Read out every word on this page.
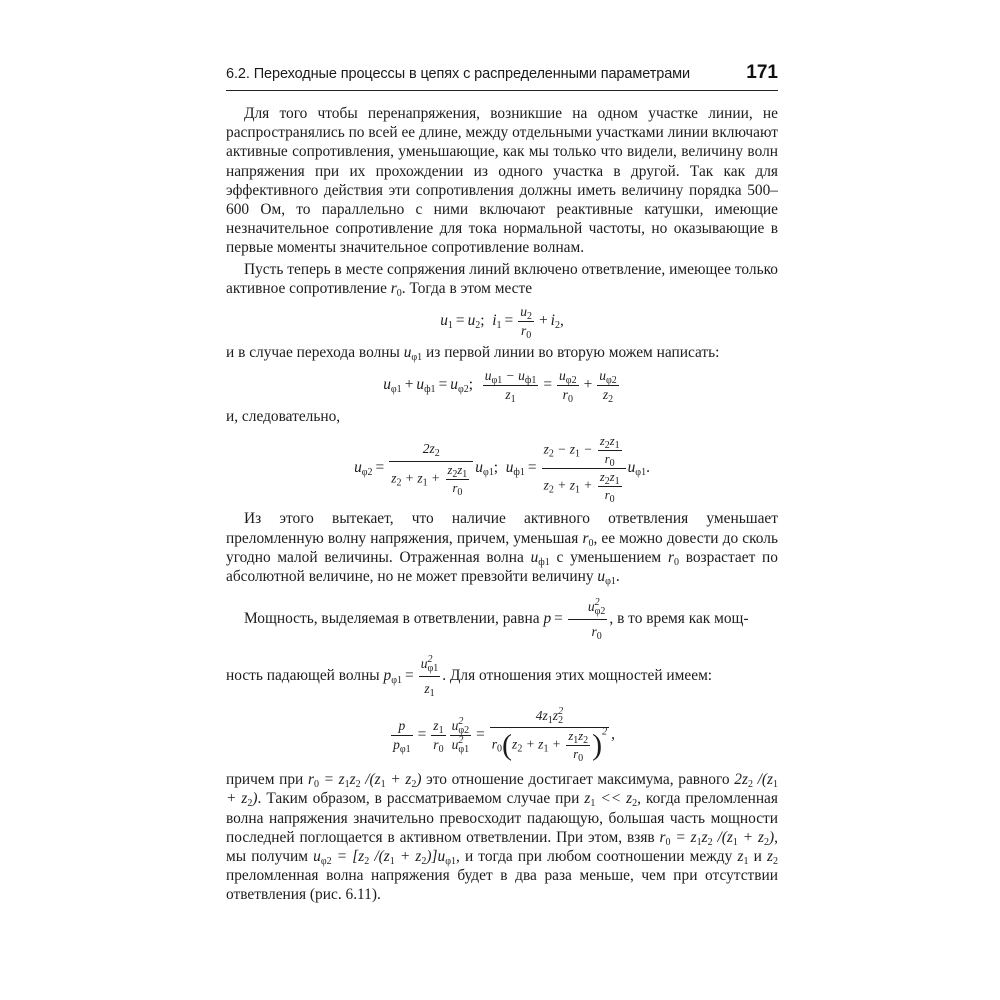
6.2. Переходные процессы в цепях с распределенными параметрами	171

Для того чтобы перенапряжения, возникшие на одном участке линии, не распространялись по всей ее длине, между отдельными участками линии включают активные сопротивления, уменьшающие, как мы только что видели, величину волн напряжения при их прохождении из одного участка в другой. Так как для эффективного действия эти сопротивления должны иметь величину порядка 500–600 Ом, то параллельно с ними включают реактивные катушки, имеющие незначительное сопротивление для тока нормальной частоты, но оказывающие в первые моменты значительное сопротивление волнам.

Пусть теперь в месте сопряжения линий включено ответвление, имеющее только активное сопротивление $r_0$. Тогда в этом месте

$u_1 = u_2$;  $i_1 = \frac{u_2}{r_0} + i_2$,

и в случае перехода волны $u_{\varphi 1}$ из первой линии во вторую можем написать:

$u_{\varphi 1} + u_{ф1} = u_{\varphi 2}$; $\frac{u_{\varphi 1} - u_{ф1}}{z_1} = \frac{u_{\varphi 2}}{r_0} + \frac{u_{\varphi 2}}{z_2}$

и, следовательно,

$u_{\varphi 2} = \frac{2z_2}{z_2 + z_1 + \frac{z_2z_1}{r_0}} u_{\varphi 1}$;  $u_{ф1} = \frac{z_2 - z_1 - \frac{z_2z_1}{r_0}}{z_2 + z_1 + \frac{z_2z_1}{r_0}} u_{\varphi 1}$.

Из этого вытекает, что наличие активного ответвления уменьшает преломленную волну напряжения, причем, уменьшая $r_0$, ее можно довести до сколь угодно малой величины. Отраженная волна $u_{ф1}$ с уменьшением $r_0$ возрастает по абсолютной величине, но не может превзойти величину $u_{\varphi 1}$.

Мощность, выделяемая в ответвлении, равна $p = \frac{u^2_{\varphi 2}}{r_0}$ , в то время как мощ-

ность падающей волны $p_{\varphi 1} = \frac{u^2_{\varphi 1}}{z_1}$ . Для отношения этих мощностей имеем:

$\frac{p}{p_{\varphi 1}} = \frac{z_1}{r_0} \frac{u^2_{\varphi 2}}{u^2_{\varphi 1}} = \frac{4z_1z^2_2}{r_0(z_2 + z_1 + \frac{z_1z_2}{r_0} )^2}$ ,

причем при $r_0 = z_1z_2$ $/(z_1 + z_2)$ это отношение достигает максимума, равного $2z_2$ $/(z_1 + z_2)$. Таким образом, в рассматриваемом случае при $z_1 << z_2$, когда преломленная волна напряжения значительно превосходит падающую, большая часть мощности последней поглощается в активном ответвлении. При этом, взяв $r_0 = z_1z_2$ $/(z_1 + z_2)$, мы получим $u_{\varphi 2} = [z_2$ $/(z_1 + z_2)]u_{\varphi 1}$, и тогда при любом соотношении между $z_1$ и $z_2$ преломленная волна напряжения будет в два раза меньше, чем при отсутствии ответвления (рис. 6.11).
